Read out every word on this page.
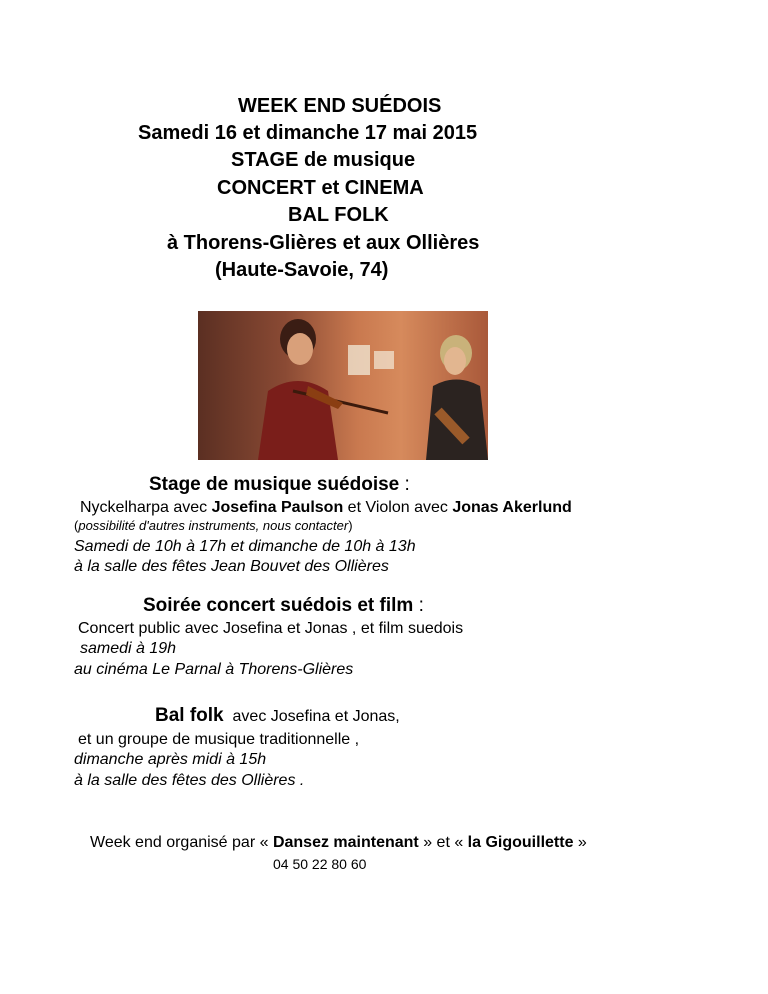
WEEK END SUÉDOIS
Samedi 16 et dimanche 17 mai 2015
STAGE de musique
CONCERT et CINEMA
BAL FOLK
à Thorens-Glières et aux Ollières
(Haute-Savoie, 74)
Stage de musique suédoise :
Nyckelharpa avec Josefina Paulson et Violon avec Jonas Akerlund
(possibilité d'autres instruments, nous contacter)
Samedi de 10h à 17h et dimanche de 10h à 13h
à la salle des fêtes Jean Bouvet des Ollières
Soirée concert suédois et film :
Concert public avec Josefina et Jonas , et film suedois
samedi à 19h
au cinéma Le Parnal à Thorens-Glières
Bal folk  avec Josefina et Jonas,
et un groupe de musique traditionnelle ,
dimanche après midi à 15h
à la salle des fêtes des Ollières .
Week end organisé par « Dansez maintenant » et « la Gigouillette »
04 50 22 80 60
